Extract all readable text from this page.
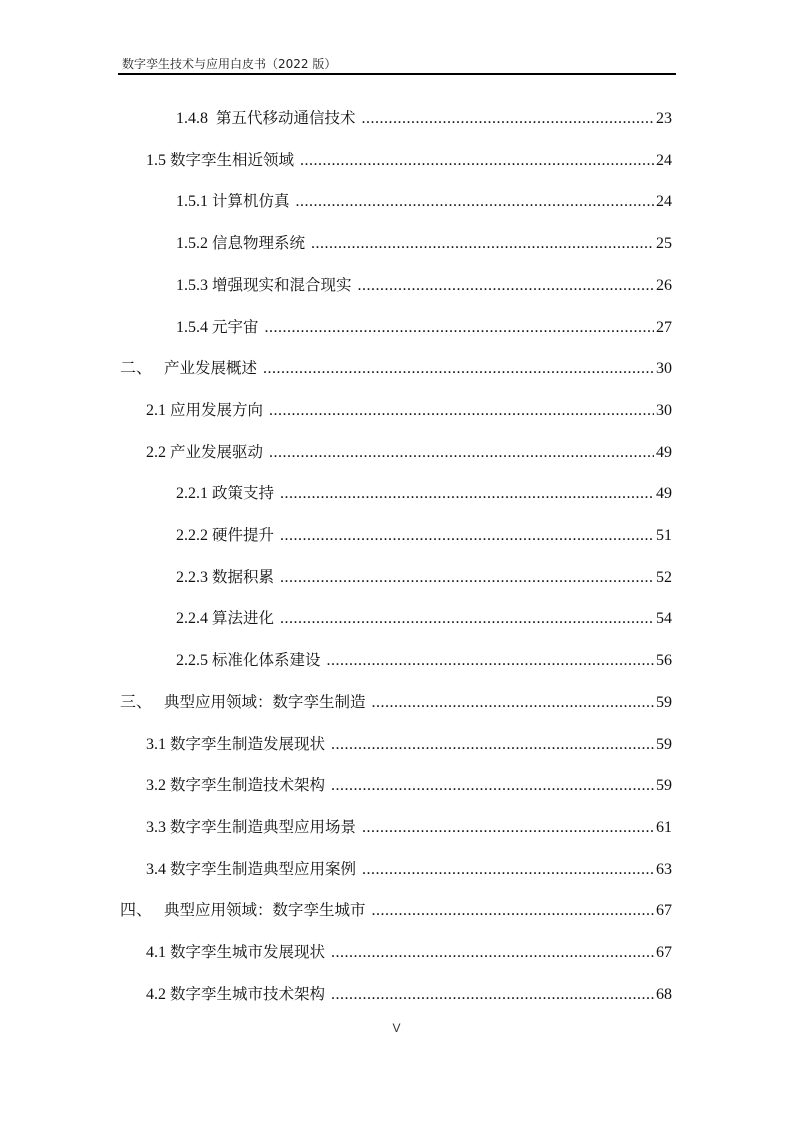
数字孪生技术与应用白皮书（2022 版）
1.4.8 第五代移动通信技术 .....	23
1.5 数字孪生相近领域 .....	24
1.5.1 计算机仿真 .....	24
1.5.2 信息物理系统 .....	25
1.5.3 增强现实和混合现实 .....	26
1.5.4 元宇宙 .....	27
二、 产业发展概述 .....	30
2.1 应用发展方向 .....	30
2.2 产业发展驱动 .....	49
2.2.1 政策支持 .....	49
2.2.2 硬件提升 .....	51
2.2.3 数据积累 .....	52
2.2.4 算法进化 .....	54
2.2.5 标准化体系建设 .....	56
三、 典型应用领域：数字孪生制造 .....	59
3.1 数字孪生制造发展现状 .....	59
3.2 数字孪生制造技术架构 .....	59
3.3 数字孪生制造典型应用场景 .....	61
3.4 数字孪生制造典型应用案例 .....	63
四、 典型应用领域：数字孪生城市 .....	67
4.1 数字孪生城市发展现状 .....	67
4.2 数字孪生城市技术架构 .....	68
V
